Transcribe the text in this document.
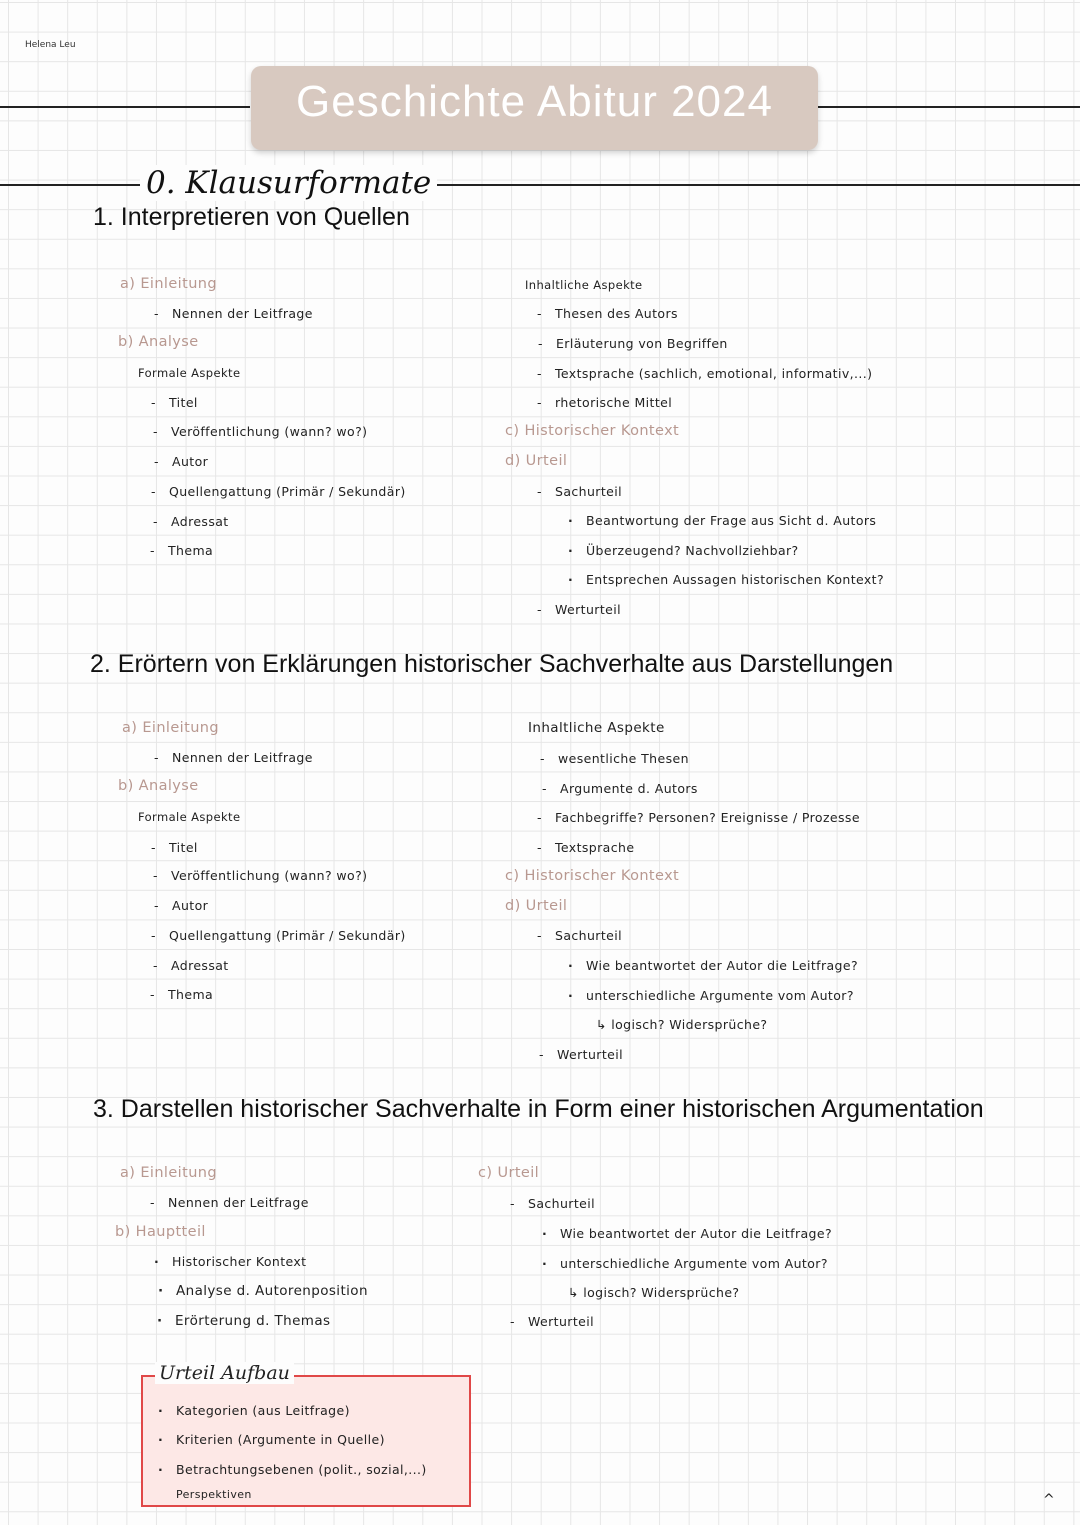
Helena Leu
Geschichte Abitur 2024
0. Klausurformate
1. Interpretieren von Quellen
a) Einleitung
- Nennen der Leitfrage
b) Analyse
Formale Aspekte
- Titel
- Veröffentlichung (wann? wo?)
- Autor
- Quellengattung (Primär / Sekundär)
- Adressat
- Thema
Inhaltliche Aspekte
- Thesen des Autors
- Erläuterung von Begriffen
- Textsprache (sachlich, emotional, informativ,...)
- rhetorische Mittel
c) Historischer Kontext
d) Urteil
- Sachurteil
· Beantwortung der Frage aus Sicht d. Autors
· Überzeugend? Nachvollziehbar?
· Entsprechen Aussagen historischen Kontext?
- Werturteil
2. Erörtern von Erklärungen historischer Sachverhalte aus Darstellungen
a) Einleitung
- Nennen der Leitfrage
b) Analyse
Formale Aspekte
- Titel
- Veröffentlichung (wann? wo?)
- Autor
- Quellengattung (Primär / Sekundär)
- Adressat
- Thema
Inhaltliche Aspekte
- wesentliche Thesen
- Argumente d. Autors
- Fachbegriffe? Personen? Ereignisse / Prozesse
- Textsprache
c) Historischer Kontext
d) Urteil
- Sachurteil
· Wie beantwortet der Autor die Leitfrage?
· unterschiedliche Argumente vom Autor?
↳ logisch? Widersprüche?
- Werturteil
3. Darstellen historischer Sachverhalte in Form einer historischen Argumentation
a) Einleitung
- Nennen der Leitfrage
b) Hauptteil
· Historischer Kontext
· Analyse d. Autorenposition
· Erörterung d. Themas
c) Urteil
- Sachurteil
· Wie beantwortet der Autor die Leitfrage?
· unterschiedliche Argumente vom Autor?
↳ logisch? Widersprüche?
- Werturteil
Urteil Aufbau
· Kategorien (aus Leitfrage)
· Kriterien (Argumente in Quelle)
· Betrachtungsebenen (polit., sozial,...)
Perspektiven	^
